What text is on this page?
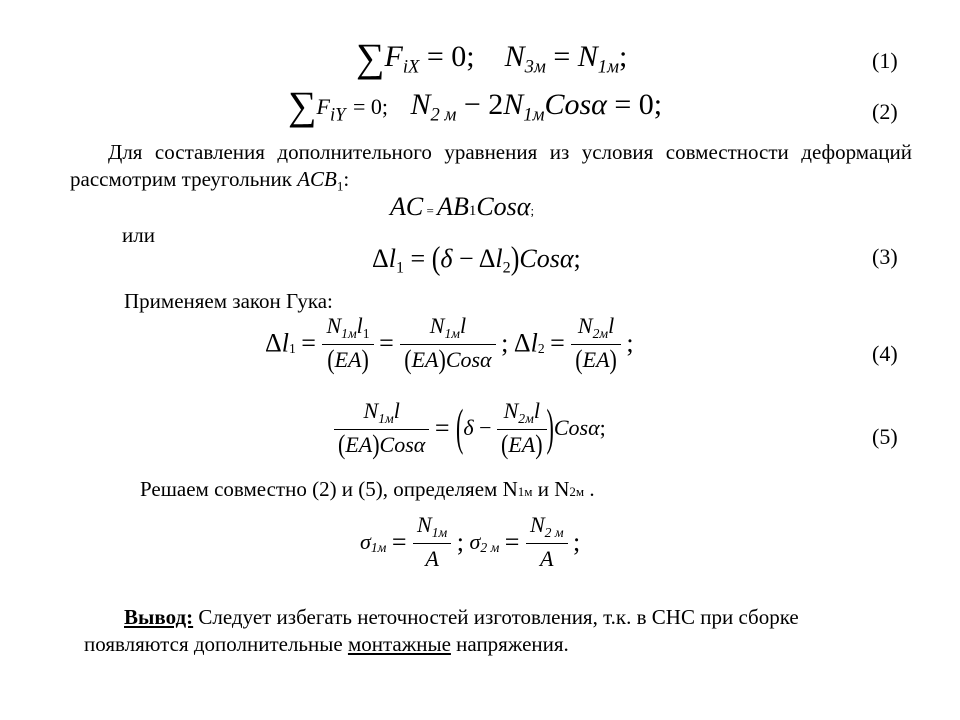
$\sum F_{iX} = 0$; $N_{3м} = N_{1м}$;	(1)
$\sum F_{iY} = 0$; $N_{2 м} - 2N_{1м}Cos\alpha = 0$;	(2)
Для составления дополнительного уравнения из условия совместности деформаций рассмотрим треугольник $ACB_1$:
AC = AB1Cosα;
или
$\Delta l_1 = (\delta - \Delta l_2)Cos\alpha$;	(3)
Применяем закон Гука:
$\Delta l_1 = \frac{N_{1м}l_1}{(EA)} = \frac{N_{1м}l}{\text{(EA)Cosα}}$ ; $\Delta l_2 = \frac{N_{2м}l}{(EA)}$ ;	(4)
$\frac{N_{1м}l}{\text{(EA)Cosα}} = (\delta - \frac{N_{2м}l}{(EA)} )Cos\alpha$;	(5)
Решаем совместно (2) и (5), определяем N1м и N2м .
$\sigma_{1м} = \frac{N_{1м}}{A}$ ; $\sigma_{2 м} = \frac{N_{2 м}}{A}$ ;
Вывод: Следует избегать неточностей изготовления, т.к. в СНС при сборке
появляются дополнительные монтажные напряжения.
